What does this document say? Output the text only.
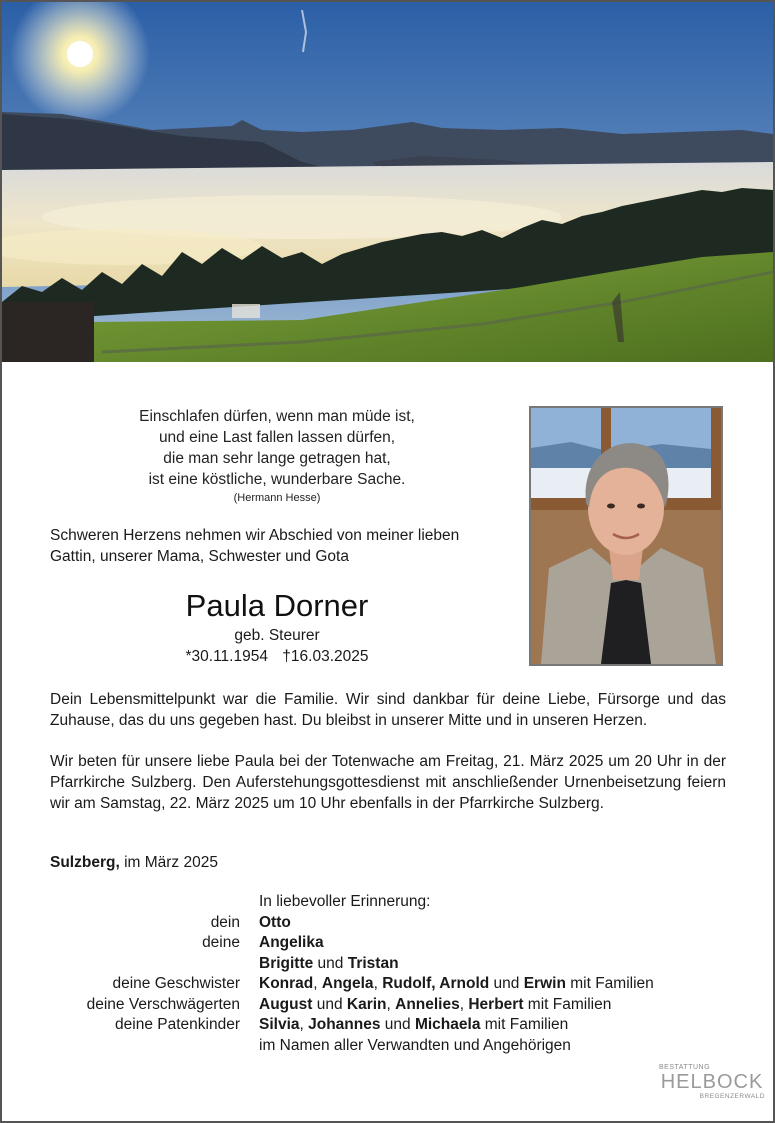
Einschlafen dürfen, wenn man müde ist,
und eine Last fallen lassen dürfen,
die man sehr lange getragen hat,
ist eine köstliche, wunderbare Sache.
(Hermann Hesse)
Schweren Herzens nehmen wir Abschied von meiner lieben
Gattin, unserer Mama, Schwester und Gota
Paula Dorner
geb. Steurer
*30.11.1954 †16.03.2025
Dein Lebensmittelpunkt war die Familie. Wir sind dankbar für deine Liebe, Fürsorge und das Zuhause, das du uns gegeben hast. Du bleibst in unserer Mitte und in unseren Herzen.
Wir beten für unsere liebe Paula bei der Totenwache am Freitag, 21. März 2025 um 20 Uhr in der Pfarrkirche Sulzberg. Den Auferstehungsgottesdienst mit anschließender Urnenbeisetzung feiern wir am Samstag, 22. März 2025 um 10 Uhr ebenfalls in der Pfarrkirche Sulzberg.
Sulzberg, im März 2025
In liebevoller Erinnerung:
dein	Otto
deine	Angelika
Brigitte und Tristan
deine Geschwister	Konrad, Angela, Rudolf, Arnold und Erwin mit Familien
deine Verschwägerten	August und Karin, Annelies, Herbert mit Familien
deine Patenkinder	Silvia, Johannes und Michaela mit Familien
im Namen aller Verwandten und Angehörigen
BESTATTUNG
HELBOCK
BREGENZERWALD
